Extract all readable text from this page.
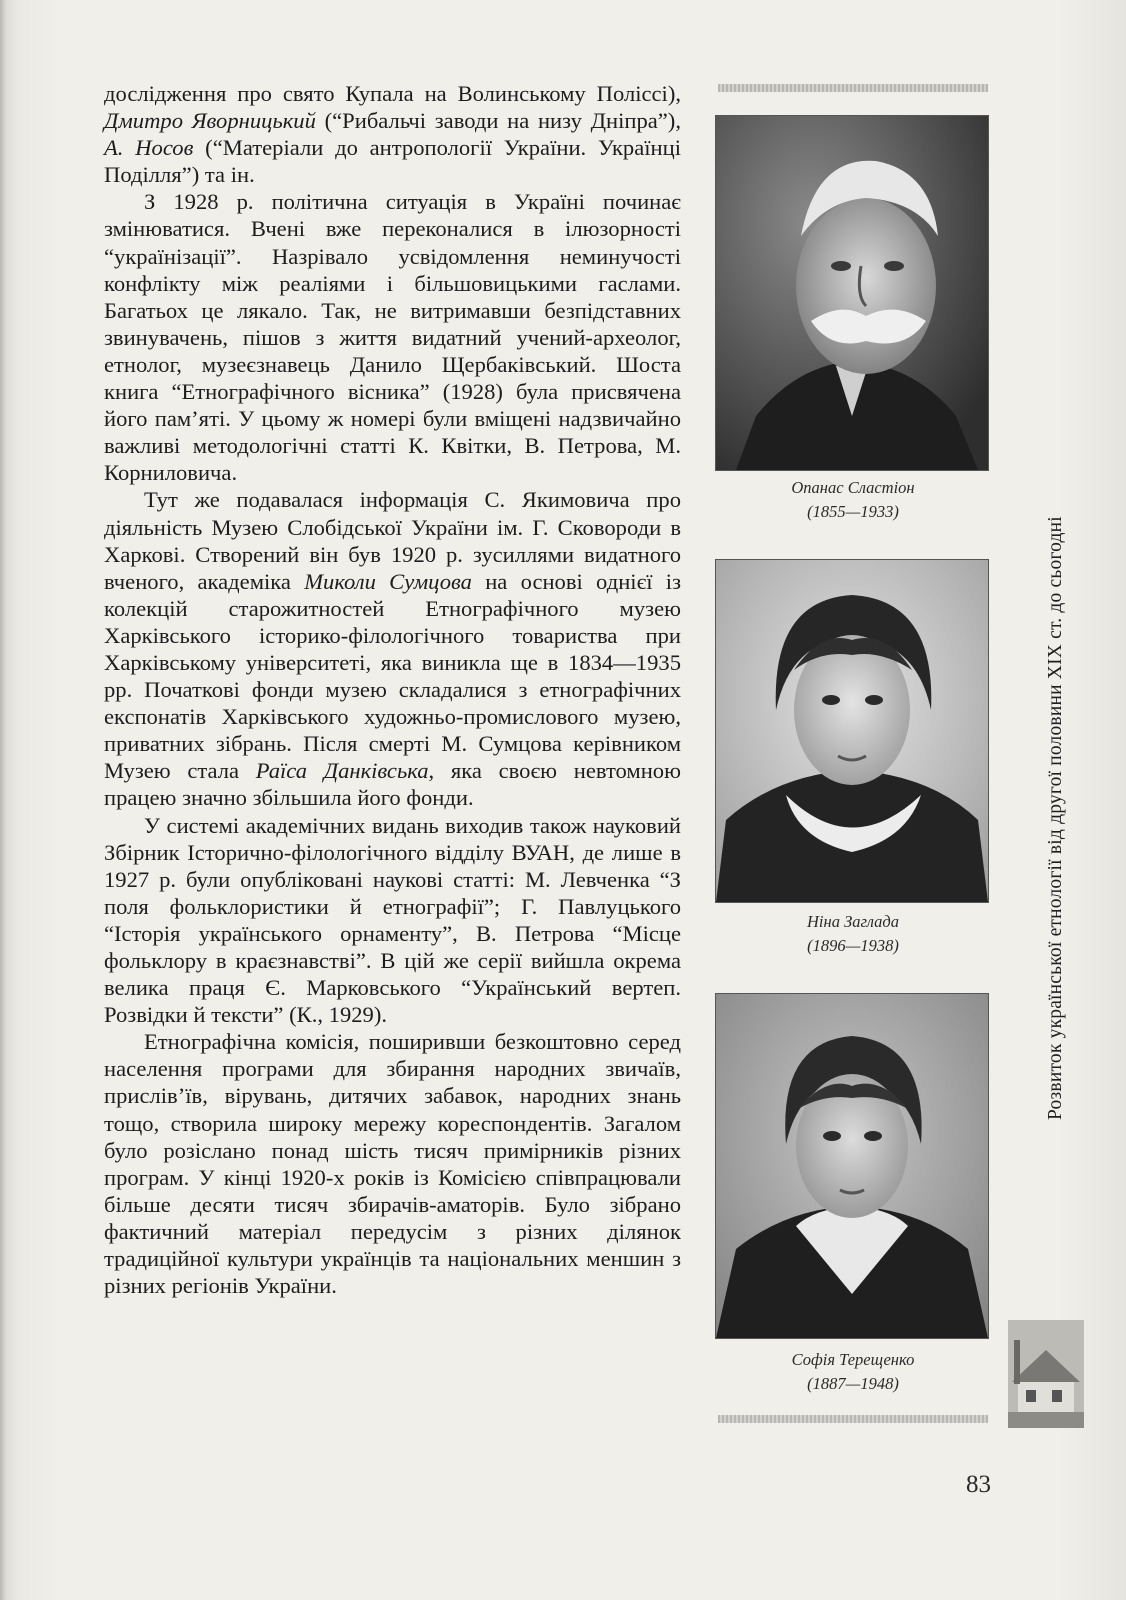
дослідження про свято Купала на Волинському Поліссі), Дмитро Яворницький (“Рибальчі заводи на низу Дніпра”), А. Носов (“Матеріали до антропології України. Українці Поділля”) та ін.

З 1928 р. політична ситуація в Україні починає змінюватися. Вчені вже переконалися в ілюзорності “українізації”. Назрівало усвідомлення неминучості конфлікту між реаліями і більшовицькими гаслами. Багатьох це лякало. Так, не витримавши безпідставних звинувачень, пішов з життя видатний учений-археолог, етнолог, музеєзнавець Данило Щербаківський. Шоста книга “Етнографічного вісника” (1928) була присвячена його пам’яті. У цьому ж номері були вміщені надзвичайно важливі методологічні статті К. Квітки, В. Петрова, М. Корниловича.

Тут же подавалася інформація С. Якимовича про діяльність Музею Слобідської України ім. Г. Сковороди в Харкові. Створений він був 1920 р. зусиллями видатного вченого, академіка Миколи Сумцова на основі однієї із колекцій старожитностей Етнографічного музею Харківського історико-філологічного товариства при Харківському університеті, яка виникла ще в 1834—1935 рр. Початкові фонди музею складалися з етнографічних експонатів Харківського художньо-промислового музею, приватних зібрань. Після смерті М. Сумцова керівником Музею стала Раїса Данківська, яка своєю невтомною працею значно збільшила його фонди.

У системі академічних видань виходив також науковий Збірник Історично-філологічного відділу ВУАН, де лише в 1927 р. були опубліковані наукові статті: М. Левченка “З поля фольклористики й етнографії”; Г. Павлуцького “Історія українського орнаменту”, В. Петрова “Місце фольклору в краєзнавстві”. В цій же серії вийшла окрема велика праця Є. Марковського “Український вертеп. Розвідки й тексти” (К., 1929).

Етнографічна комісія, поширивши безкоштовно серед населення програми для збирання народних звичаїв, прислів’їв, вірувань, дитячих забавок, народних знань тощо, створила широку мережу кореспондентів. Загалом було розіслано понад шість тисяч примірників різних програм. У кінці 1920-х років із Комісією співпрацювали більше десяти тисяч збирачів-аматорів. Було зібрано фактичний матеріал передусім з різних ділянок традиційної культури українців та національних меншин з різних регіонів України.

Опанас Сластіон
(1855—1933)
Ніна Заглада
(1896—1938)
Софія Терещенко
(1887—1948)
Розвиток української етнології від другої половини XIX ст. до сьогодні
83
